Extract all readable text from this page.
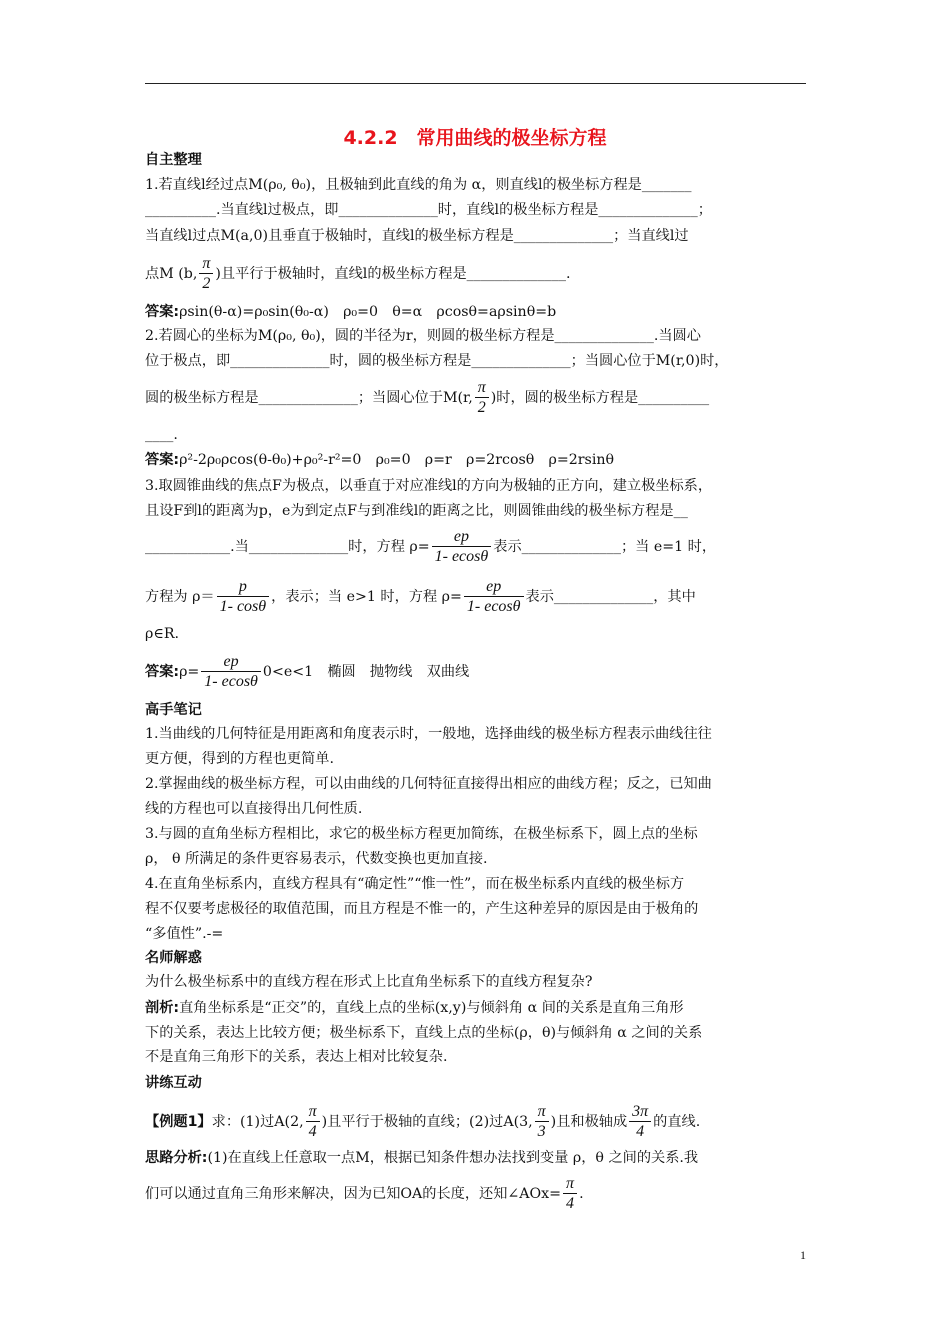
4.2.2　常用曲线的极坐标方程
自主整理
1.若直线l经过点M(ρ₀, θ₀)，且极轴到此直线的角为 α，则直线l的极坐标方程是_______
__________.当直线l过极点，即______________时，直线l的极坐标方程是______________；
当直线l过点M(a,0)且垂直于极轴时，直线l的极坐标方程是______________；当直线l过
点M (b, $\frac{\pi}{2}$ )且平行于极轴时，直线l的极坐标方程是______________.
答案:ρsin(θ-α)=ρ₀sin(θ₀-α)　ρ₀=0　θ=α　ρcosθ=aρsinθ=b
2.若圆心的坐标为M(ρ₀, θ₀)，圆的半径为r，则圆的极坐标方程是______________.当圆心
位于极点，即______________时，圆的极坐标方程是______________；当圆心位于M(r,0)时，
圆的极坐标方程是______________；当圆心位于M(r, $\frac{\pi}{2}$ )时，圆的极坐标方程是__________
____.
答案:ρ²-2ρ₀ρcos(θ-θ₀)+ρ₀²-r²=0　ρ₀=0　ρ=r　ρ=2rcosθ　ρ=2rsinθ
3.取圆锥曲线的焦点F为极点，以垂直于对应准线l的方向为极轴的正方向，建立极坐标系，
且设F到l的距离为p，e为到定点F与到准线l的距离之比，则圆锥曲线的极坐标方程是__
____________.当______________时，方程 $\rho= \frac{ep}{1- ecos\theta}$ 表示______________；当 e=1 时，
方程为 $\rho= \frac{p}{1- \cos\theta}$ ，表示；当 e>1 时，方程 $\rho= \frac{ep}{1- ecos\theta}$ 表示______________，其中
ρ∈R.
答案:ρ= $\frac{ep}{1- ecos\theta} 0<e<1$　椭圆　抛物线　双曲线
高手笔记
1.当曲线的几何特征是用距离和角度表示时，一般地，选择曲线的极坐标方程表示曲线往往
更方便，得到的方程也更简单.
2.掌握曲线的极坐标方程，可以由曲线的几何特征直接得出相应的曲线方程；反之，已知曲
线的方程也可以直接得出几何性质.
3.与圆的直角坐标方程相比，求它的极坐标方程更加简练，在极坐标系下，圆上点的坐标
ρ， θ 所满足的条件更容易表示，代数变换也更加直接.
4.在直角坐标系内，直线方程具有“确定性”“惟一性”，而在极坐标系内直线的极坐标方
程不仅要考虑极径的取值范围，而且方程是不惟一的，产生这种差异的原因是由于极角的
“多值性”.-=
名师解惑
为什么极坐标系中的直线方程在形式上比直角坐标系下的直线方程复杂?
剖析:直角坐标系是“正交”的，直线上点的坐标(x,y)与倾斜角 α 间的关系是直角三角形
下的关系，表达上比较方便；极坐标系下，直线上点的坐标(ρ，θ)与倾斜角 α 之间的关系
不是直角三角形下的关系，表达上相对比较复杂.
讲练互动
【例题1】求：(1)过A(2, $\frac{\pi}{4}$ )且平行于极轴的直线；(2)过A(3, $\frac{\pi}{3}$ )且和极轴成 $\frac{3\pi}{4}$ 的直线.
思路分析:(1)在直线上任意取一点M，根据已知条件想办法找到变量 ρ，θ 之间的关系.我
们可以通过直角三角形来解决，因为已知OA的长度，还知∠AOx= $\frac{\pi}{4}$ .
1
